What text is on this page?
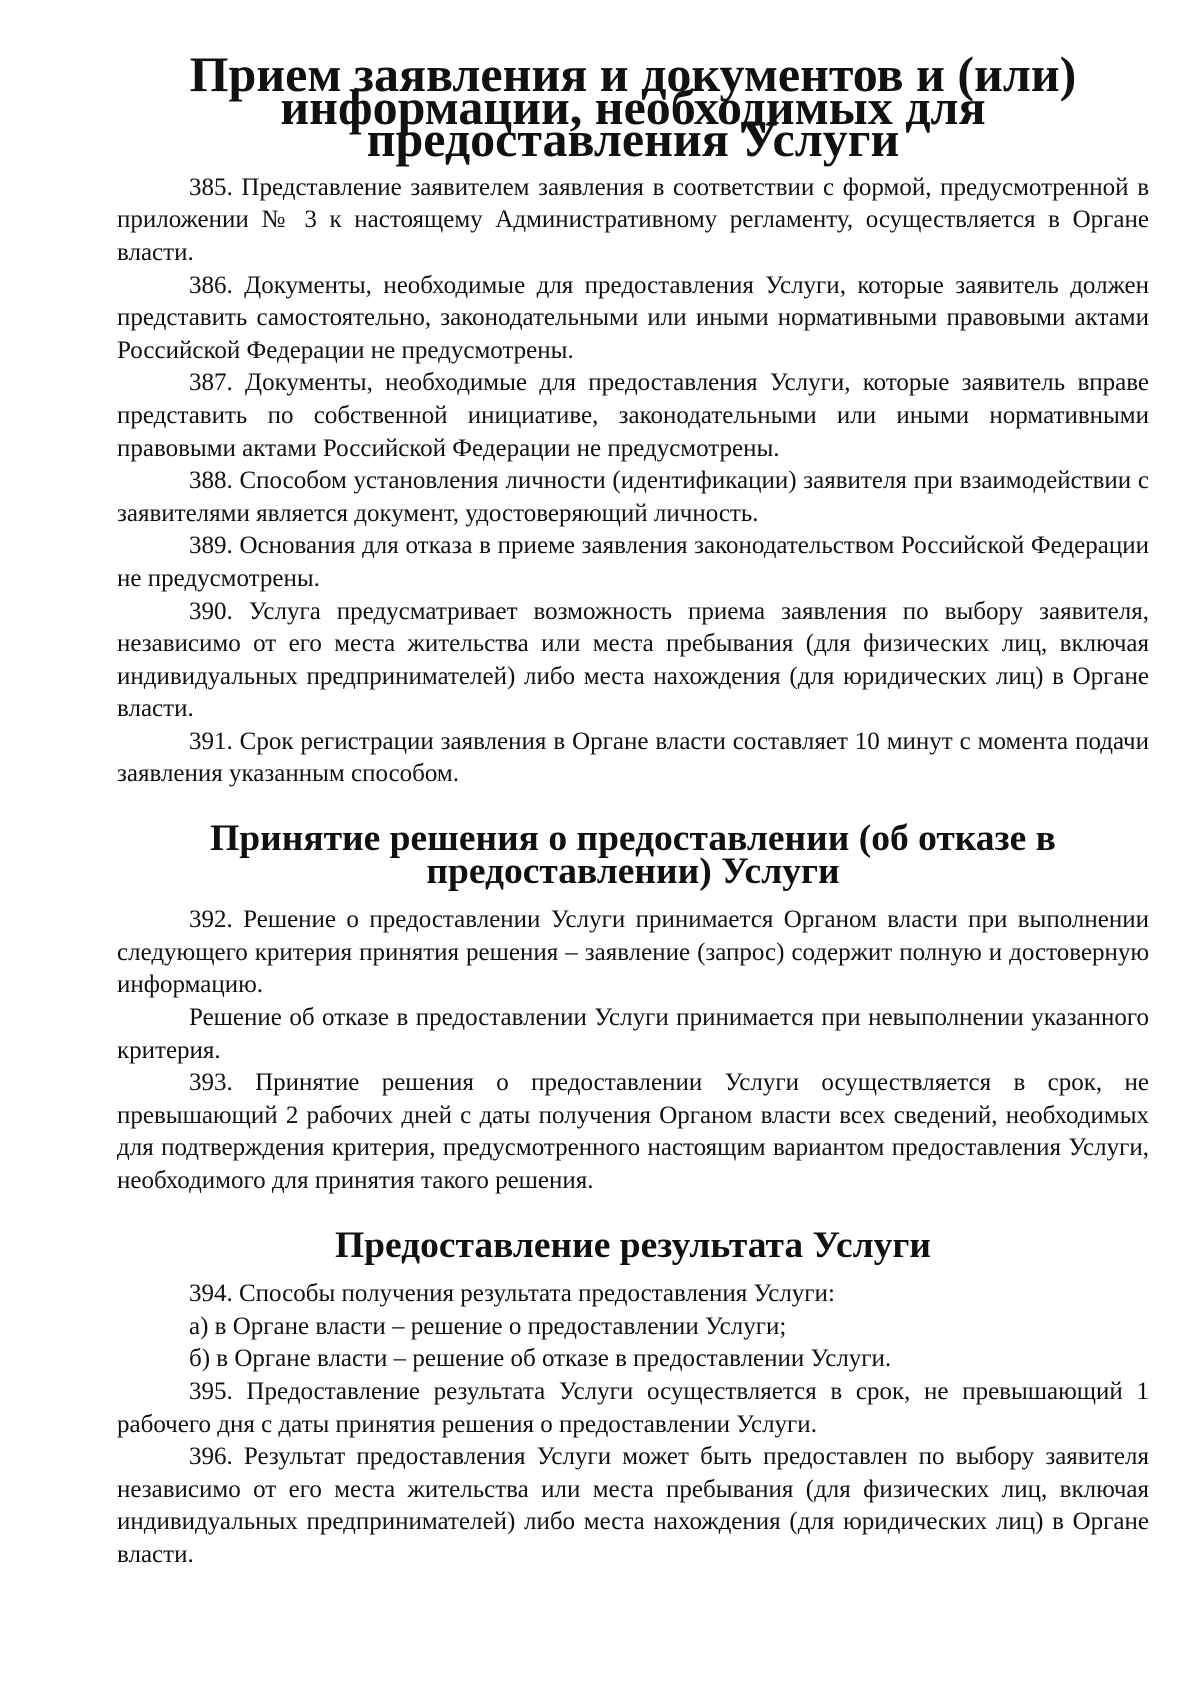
Прием заявления и документов и (или) информации, необходимых для предоставления Услуги

385. Представление заявителем заявления в соответствии с формой, предусмотренной в приложении № 3 к настоящему Административному регламенту, осуществляется в Органе власти.

386. Документы, необходимые для предоставления Услуги, которые заявитель должен представить самостоятельно, законодательными или иными нормативными правовыми актами Российской Федерации не предусмотрены.

387. Документы, необходимые для предоставления Услуги, которые заявитель вправе представить по собственной инициативе, законодательными или иными нормативными правовыми актами Российской Федерации не предусмотрены.

388. Способом установления личности (идентификации) заявителя при взаимодействии с заявителями является документ, удостоверяющий личность.

389. Основания для отказа в приеме заявления законодательством Российской Федерации не предусмотрены.

390. Услуга предусматривает возможность приема заявления по выбору заявителя, независимо от его места жительства или места пребывания (для физических лиц, включая индивидуальных предпринимателей) либо места нахождения (для юридических лиц) в Органе власти.

391. Срок регистрации заявления в Органе власти составляет 10 минут с момента подачи заявления указанным способом.

Принятие решения о предоставлении (об отказе в предоставлении) Услуги

392. Решение о предоставлении Услуги принимается Органом власти при выполнении следующего критерия принятия решения – заявление (запрос) содержит полную и достоверную информацию.

Решение об отказе в предоставлении Услуги принимается при невыполнении указанного критерия.

393. Принятие решения о предоставлении Услуги осуществляется в срок, не превышающий 2 рабочих дней с даты получения Органом власти всех сведений, необходимых для подтверждения критерия, предусмотренного настоящим вариантом предоставления Услуги, необходимого для принятия такого решения.

Предоставление результата Услуги

394. Способы получения результата предоставления Услуги:

а) в Органе власти – решение о предоставлении Услуги;

б) в Органе власти – решение об отказе в предоставлении Услуги.

395. Предоставление результата Услуги осуществляется в срок, не превышающий 1 рабочего дня с даты принятия решения о предоставлении Услуги.

396. Результат предоставления Услуги может быть предоставлен по выбору заявителя независимо от его места жительства или места пребывания (для физических лиц, включая индивидуальных предпринимателей) либо места нахождения (для юридических лиц) в Органе власти.
